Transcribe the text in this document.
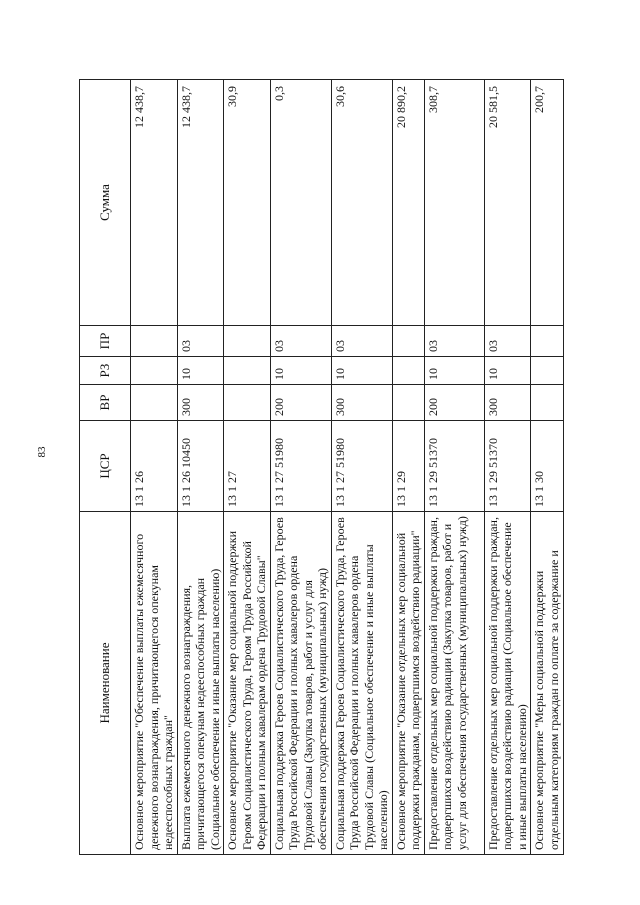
83
Наименование	ЦСР	ВР	РЗ	ПР	Сумма
Основное мероприятие "Обеспечение выплаты ежемесячного денежного вознаграждения, причитающегося опекунам недееспособных граждан"	13 1 26				12 438,7
Выплата ежемесячного денежного вознаграждения, причитающегося опекунам недееспособных граждан (Социальное обеспечение и иные выплаты населению)	13 1 26 10450	300	10	03	12 438,7
Основное мероприятие "Оказание мер социальной поддержки Героям Социалистического Труда, Героям Труда Российской Федерации и полным кавалерам ордена Трудовой Славы"	13 1 27				30,9
Социальная поддержка Героев Социалистического Труда, Героев Труда Российской Федерации и полных кавалеров ордена Трудовой Славы (Закупка товаров, работ и услуг для обеспечения государственных (муниципальных) нужд)	13 1 27 51980	200	10	03	0,3
Социальная поддержка Героев Социалистического Труда, Героев Труда Российской Федерации и полных кавалеров ордена Трудовой Славы (Социальное обеспечение и иные выплаты населению)	13 1 27 51980	300	10	03	30,6
Основное мероприятие "Оказание отдельных мер социальной поддержки гражданам, подвергшимся воздействию радиации"	13 1 29				20 890,2
Предоставление отдельных мер социальной поддержки граждан, подвергшихся воздействию радиации (Закупка товаров, работ и услуг для обеспечения государственных (муниципальных) нужд)	13 1 29 51370	200	10	03	308,7
Предоставление отдельных мер социальной поддержки граждан, подвергшихся воздействию радиации (Социальное обеспечение и иные выплаты населению)	13 1 29 51370	300	10	03	20 581,5
Основное мероприятие "Меры социальной поддержки отдельным категориям граждан по оплате за содержание и	13 1 30				200,7
